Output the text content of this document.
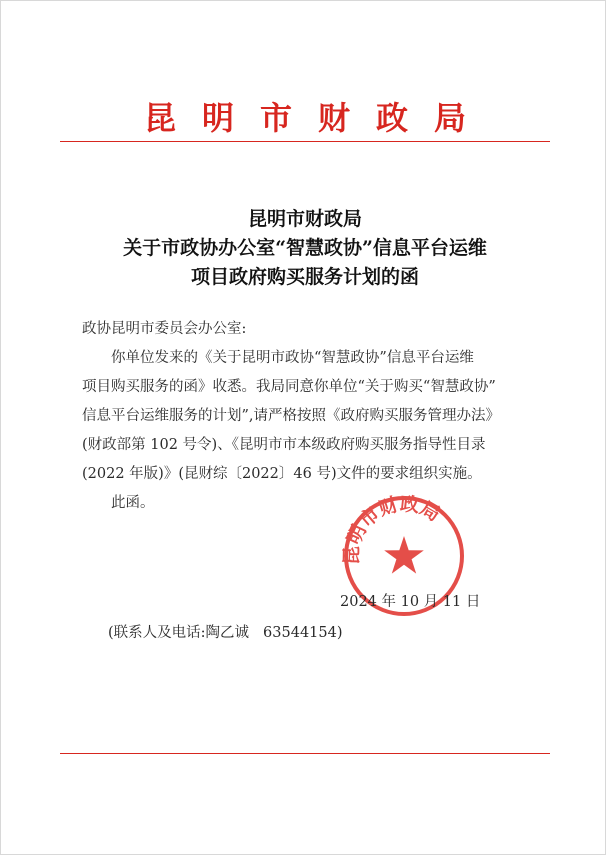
昆明市财政局
昆明市财政局
关于市政协办公室“智慧政协”信息平台运维
项目政府购买服务计划的函

政协昆明市委员会办公室:

你单位发来的《关于昆明市政协“智慧政协”信息平台运维

项目购买服务的函》收悉。我局同意你单位“关于购买“智慧政协”

信息平台运维服务的计划”,请严格按照《政府购买服务管理办法》

(财政部第 102 号令)、《昆明市市本级政府购买服务指导性目录

(2022 年版)》(昆财综〔2022〕46 号)文件的要求组织实施。

此函。

昆明市财政局
2024 年 10 月 11 日
(联系人及电话:陶乙诚 63544154)
